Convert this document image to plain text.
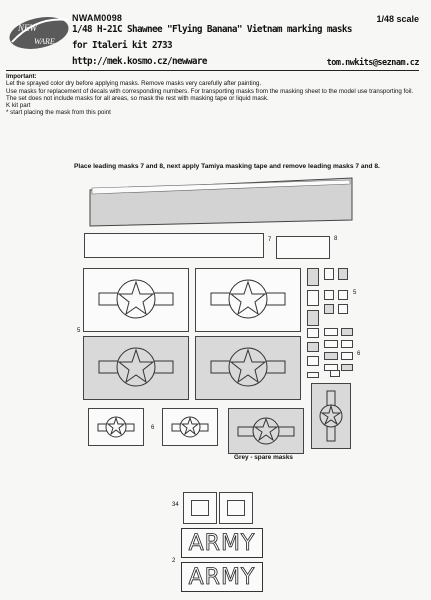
NEW
WARE
NWAM0098
1/48 H-21C Shawnee "Flying Banana" Vietnam marking masks
for Italeri kit 2733
http://mek.kosmo.cz/newware
1/48 scale
tom.nwkits@seznam.cz
Important:
Let the sprayed color dry before applying masks. Remove masks very carefully after painting.
Use masks for replacement of decals with corresponding numbers. For transporting masks from the masking sheet to the model use transporting foil.
The set does not include masks for all areas, so mask the rest with masking tape or liquid mask.
K kit part
* start placing the mask from this point
Place leading masks 7 and 8, next apply Tamiya masking tape and remove leading masks 7 and 8.
7	8
5
5
6
6
Grey - spare masks
34
ARMY
2
ARMY
